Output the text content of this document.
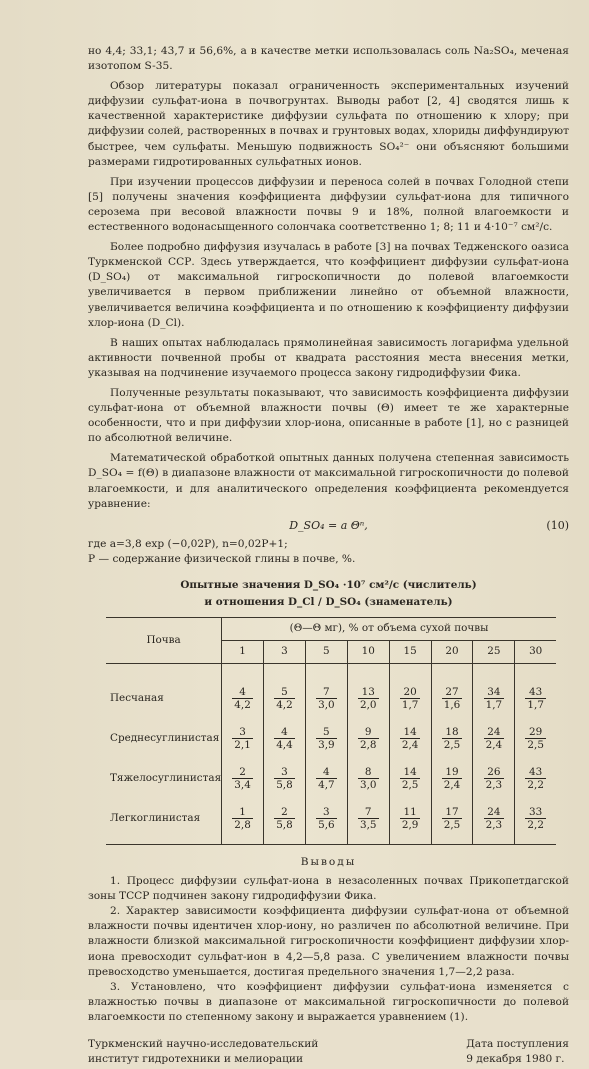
но 4,4; 33,1; 43,7 и 56,6%, а в качестве метки использовалась соль Na₂SO₄, меченая изотопом S-35.

Обзор литературы показал ограниченность экспериментальных изучений диффузии сульфат-иона в почвогрунтах. Выводы работ [2, 4] сводятся лишь к качественной характеристике диффузии сульфата по отношению к хлору; при диффузии солей, растворенных в почвах и грунтовых водах, хлориды диффундируют быстрее, чем сульфаты. Меньшую подвижность SO₄²⁻ они объясняют большими размерами гидротированных сульфатных ионов.

При изучении процессов диффузии и переноса солей в почвах Голодной степи [5] получены значения коэффициента диффузии сульфат-иона для типичного сероземa при весовой влажности почвы 9 и 18%, полной влагоемкости и естественного водонасыщенного солончака соответственно 1; 8; 11 и 4·10⁻⁷ см²/с.

Более подробно диффузия изучалась в работе [3] на почвах Теджeнского оазиса Туркменской ССР. Здесь утверждается, что коэффициент диффузии сульфат-иона (D_SO₄) от максимальной гигроскопичности до полевой влагоемкости увеличивается в первом приближении линейно от объемной влажности, увеличивается величина коэффициента и по отношению к коэффициенту диффузии хлор-иона (D_Cl).

В наших опытах наблюдалась прямолинейная зависимость логарифма удельной активности почвенной пробы от квадрата расстояния места внесения метки, указывая на подчинение изучаемого процесса закону гидродиффузии Фика.

Полученные результаты показывают, что зависимость коэффициента диффузии сульфат-иона от объемной влажности почвы (Θ) имеет те же характерные особенности, что и при диффузии хлор-иона, описанные в работе [1], но с разницей по абсолютной величине.

Математической обработкой опытных данных получена степенная зависимость D_SO₄ = f(Θ) в диапазоне влажности от максимальной гигроскопичности до полевой влагоемкости, и для аналитического определения коэффициента рекомендуется уравнение:

D_SO₄ = a Θⁿ,	(10)

где a=3,8 exp (−0,02P), n=0,02P+1;

P — содержание физической глины в почве, %.

Опытные значения D_SO₄ ·10⁷ см²/с (числитель)
и отношения D_Cl / D_SO₄ (знаменатель)
Почва	(Θ—Θ мг), % от объема сухой почвы							
	1	3	5	10	15	20	25	30
Песчаная	$\frac{4}{4,2}$	$\frac{5}{4,2}$	$\frac{7}{3,0}$	$\frac{13}{2,0}$	$\frac{20}{1,7}$	$\frac{27}{1,6}$	$\frac{34}{1,7}$	$\frac{43}{1,7}$

Среднесуглинистая	$\frac{3}{2,1}$	$\frac{4}{4,4}$	$\frac{5}{3,9}$	$\frac{9}{2,8}$	$\frac{14}{2,4}$	$\frac{18}{2,5}$	$\frac{24}{2,4}$	$\frac{29}{2,5}$

Тяжелосуглинистая	$\frac{2}{3,4}$	$\frac{3}{5,8}$	$\frac{4}{4,7}$	$\frac{8}{3,0}$	$\frac{14}{2,5}$	$\frac{19}{2,4}$	$\frac{26}{2,3}$	$\frac{43}{2,2}$

Легкоглинистая	$\frac{1}{2,8}$	$\frac{2}{5,8}$	$\frac{3}{5,6}$	$\frac{7}{3,5}$	$\frac{11}{2,9}$	$\frac{17}{2,5}$	$\frac{24}{2,3}$	$\frac{33}{2,2}$
Выводы

1. Процесс диффузии сульфат-иона в незасоленных почвах Прикопетдагской зоны ТССР подчинен закону гидродиффузии Фика.

2. Характер зависимости коэффициента диффузии сульфат-иона от объемной влажности почвы идентичен хлор-иону, но различен по абсолютной величине. При влажности близкой максимальной гигроскопичности коэффициент диффузии хлор-иона превосходит сульфат-ион в 4,2—5,8 раза. С увеличением влажности почвы превосходство уменьшается, достигая предельного значения 1,7—2,2 раза.

3. Установлено, что коэффициент диффузии сульфат-иона изменяется с влажностью почвы в диапазоне от максимальной гигроскопичности до полевой влагоемкости по степенному закону и выражается уравнением (1).

Туркменский научно-исследовательский институт гидротехники и мелиорации
Дата поступления
9 декабря 1980 г.
